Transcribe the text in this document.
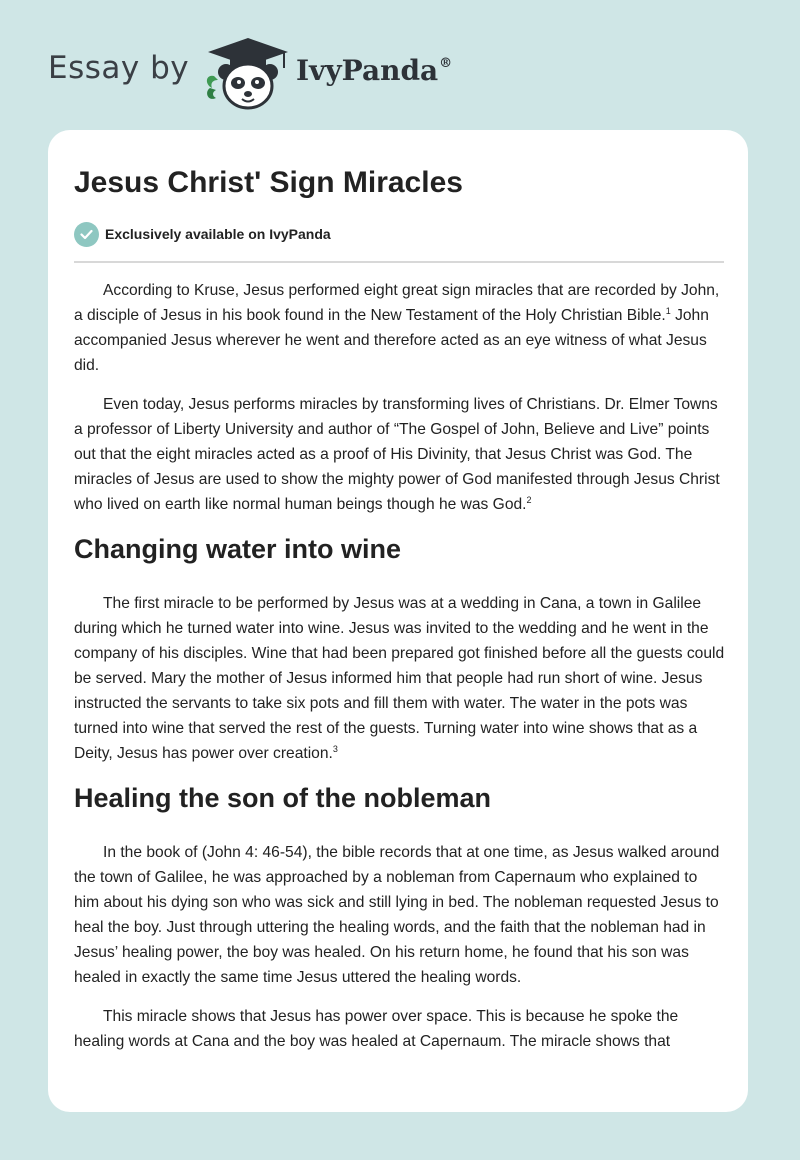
Essay by	IvyPanda®
Jesus Christ' Sign Miracles
Exclusively available on IvyPanda

According to Kruse, Jesus performed eight great sign miracles that are recorded by John, a disciple of Jesus in his book found in the New Testament of the Holy Christian Bible.$^1$ John accompanied Jesus wherever he went and therefore acted as an eye witness of what Jesus did.

Even today, Jesus performs miracles by transforming lives of Christians. Dr. Elmer Towns a professor of Liberty University and author of “The Gospel of John, Believe and Live” points out that the eight miracles acted as a proof of His Divinity, that Jesus Christ was God. The miracles of Jesus are used to show the mighty power of God manifested through Jesus Christ who lived on earth like normal human beings though he was God.$^2$

Changing water into wine

The first miracle to be performed by Jesus was at a wedding in Cana, a town in Galilee during which he turned water into wine. Jesus was invited to the wedding and he went in the company of his disciples. Wine that had been prepared got finished before all the guests could be served. Mary the mother of Jesus informed him that people had run short of wine. Jesus instructed the servants to take six pots and fill them with water. The water in the pots was turned into wine that served the rest of the guests. Turning water into wine shows that as a Deity, Jesus has power over creation.$^3$

Healing the son of the nobleman

In the book of (John 4: 46-54), the bible records that at one time, as Jesus walked around the town of Galilee, he was approached by a nobleman from Capernaum who explained to him about his dying son who was sick and still lying in bed. The nobleman requested Jesus to heal the boy. Just through uttering the healing words, and the faith that the nobleman had in Jesus’ healing power, the boy was healed. On his return home, he found that his son was healed in exactly the same time Jesus uttered the healing words.

This miracle shows that Jesus has power over space. This is because he spoke the healing words at Cana and the boy was healed at Capernaum. The miracle shows that
